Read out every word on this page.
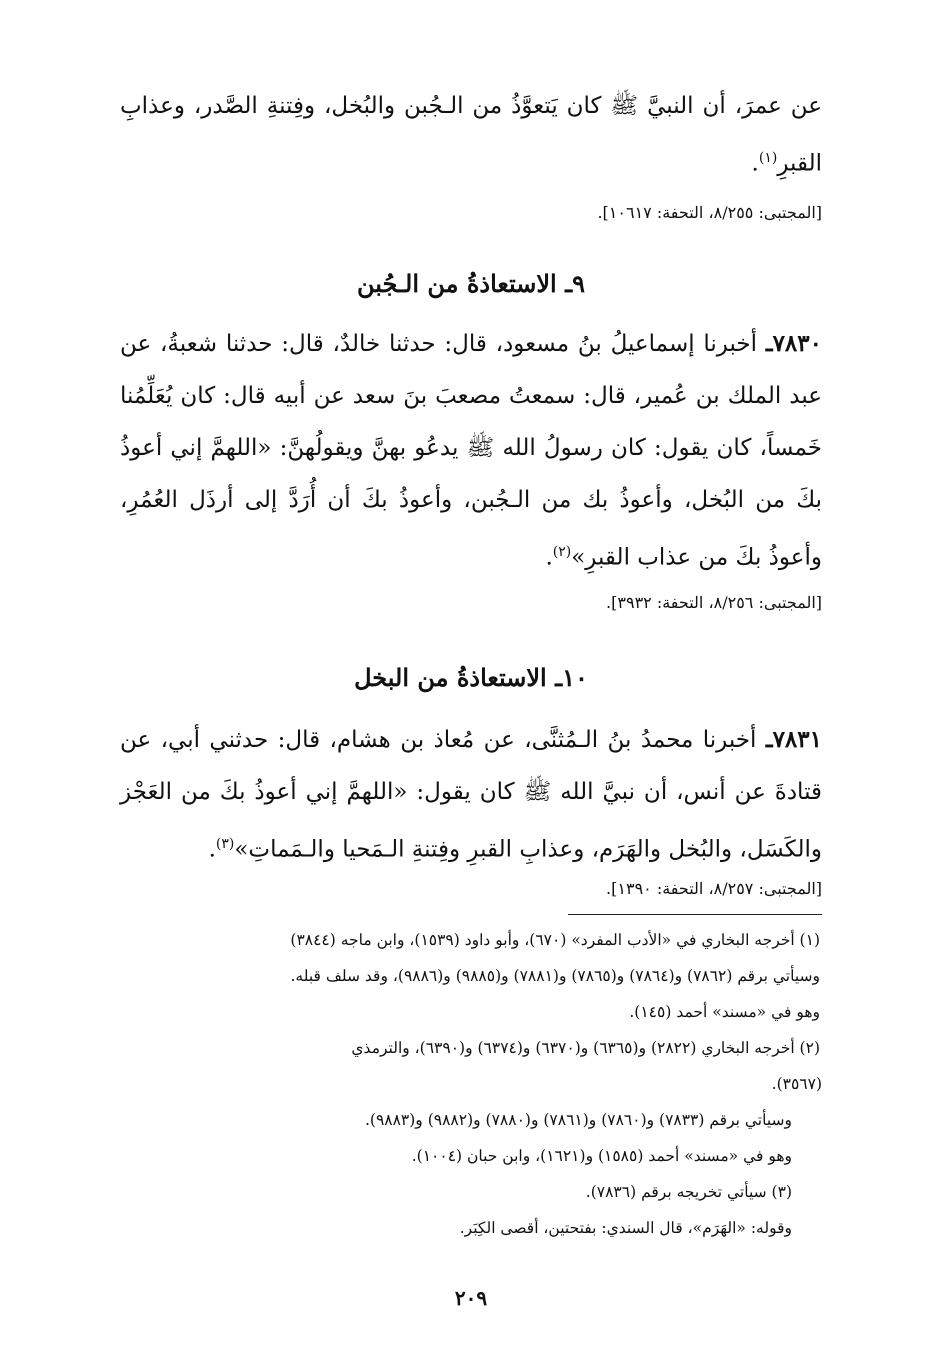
عن عمرَ، أن النبيَّ ﷺ كان يَتعوَّذُ من الـجُبن والبُخل، وفِتنةِ الصَّدر، وعذابِ القبرِ$^{(١)}$.
[المجتبى: ٨/٢٥٥، التحفة: ١٠٦١٧].
٩ـ الاستعاذةُ من الـجُبن
٧٨٣٠ـ أخبرنا إسماعيلُ بنُ مسعود، قال: حدثنا خالدٌ، قال: حدثنا شعبةُ، عن عبد الملك بن عُمير، قال: سمعتُ مصعبَ بنَ سعد عن أبيه قال: كان يُعَلِّمُنا خَمساً، كان يقول: كان رسولُ الله ﷺ يدعُو بهنَّ ويقولُهنَّ: «اللهمَّ إني أعوذُ بكَ من البُخل، وأعوذُ بك من الـجُبن، وأعوذُ بكَ أن أُرَدَّ إلى أرذَل العُمُرِ، وأعوذُ بكَ من عذاب القبرِ»$^{(٢)}$.
[المجتبى: ٨/٢٥٦، التحفة: ٣٩٣٢].
١٠ـ الاستعاذةُ من البخل
٧٨٣١ـ أخبرنا محمدُ بنُ الـمُثنَّى، عن مُعاذ بن هشام، قال: حدثني أبي، عن قتادةَ عن أنس، أن نبيَّ الله ﷺ كان يقول: «اللهمَّ إني أعوذُ بكَ من العَجْز والكَسَل، والبُخل والهَرَم، وعذابِ القبرِ وفِتنةِ الـمَحيا والـمَماتِ»$^{(٣)}$.
[المجتبى: ٨/٢٥٧، التحفة: ١٣٩٠].
(١) أخرجه البخاري في «الأدب المفرد» (٦٧٠)، وأبو داود (١٥٣٩)، وابن ماجه (٣٨٤٤)
وسيأتي برقم (٧٨٦٢) و(٧٨٦٤) و(٧٨٦٥) و(٧٨٨١) و(٩٨٨٥) و(٩٨٨٦)، وقد سلف قبله.
وهو في «مسند» أحمد (١٤٥).
(٢) أخرجه البخاري (٢٨٢٢) و(٦٣٦٥) و(٦٣٧٠) و(٦٣٧٤) و(٦٣٩٠)، والترمذي
(٣٥٦٧).
وسيأتي برقم (٧٨٣٣) و(٧٨٦٠) و(٧٨٦١) و(٧٨٨٠) و(٩٨٨٢) و(٩٨٨٣).
وهو في «مسند» أحمد (١٥٨٥) و(١٦٢١)، وابن حبان (١٠٠٤).
(٣) سيأتي تخريجه برقم (٧٨٣٦).
وقوله: «الهَرَم»، قال السندي: بفتحتين، أقصى الكِبَر.
٢٠٩
